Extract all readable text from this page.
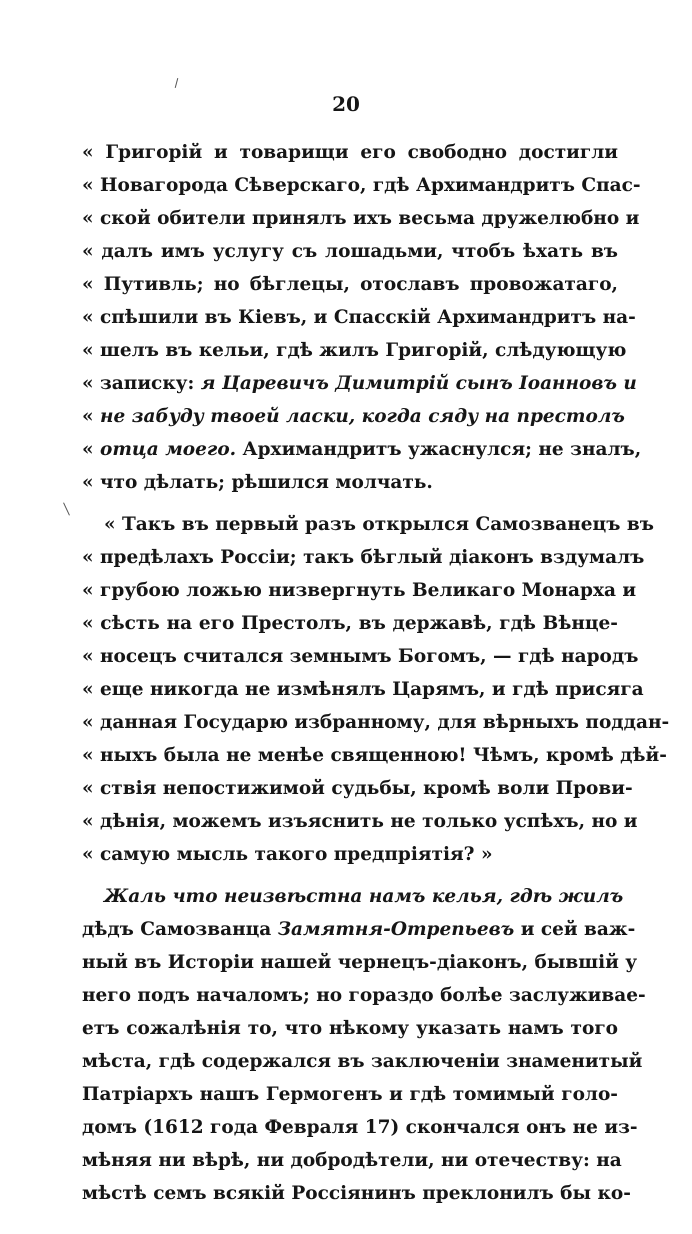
20
« Григорій и товарищи его свободно достигли
« Новагорода Сѣверскаго, гдѣ Архимандритъ Спас-
« ской обители принялъ ихъ весьма дружелюбно и
« далъ имъ услугу съ лошадьми, чтобъ ѣхать въ
« Путивль; но бѣглецы, отославъ провожатаго,
« спѣшили въ Кіевъ, и Спасскій Архимандритъ на-
« шелъ въ кельи, гдѣ жилъ Григорій, слѣдующую
« записку: я Царевичъ Димитрій сынъ Іоанновъ и
« не забуду твоей ласки, когда сяду на престолъ
« отца моего. Архимандритъ ужаснулся; не зналъ,
« что дѣлать; рѣшился молчать.
« Такъ въ первый разъ открылся Самозванецъ въ
« предѣлахъ Россіи; такъ бѣглый діаконъ вздумалъ
« грубою ложью низвергнуть Великаго Монарха и
« сѣсть на его Престолъ, въ державѣ, гдѣ Вѣнце-
« носецъ считался земнымъ Богомъ, — гдѣ народъ
« еще никогда не измѣнялъ Царямъ, и гдѣ присяга
« данная Государю избранному, для вѣрныхъ поддан-
« ныхъ была не менѣе священною! Чѣмъ, кромѣ дѣй-
« ствія непостижимой судьбы, кромѣ воли Прови-
« дѣнія, можемъ изъяснить не только успѣхъ, но и
« самую мысль такого предпріятія? »
Жаль что неизвѣстна намъ келья, гдѣ жилъ
дѣдъ Самозванца Замятня-Отрепьевъ и сей важ-
ный въ Исторіи нашей чернецъ-діаконъ, бывшій у
него подъ началомъ; но гораздо болѣе заслуживаe-
етъ сожалѣнія то, что нѣкому указать намъ того
мѣста, гдѣ содержался въ заключеніи знаменитый
Патріархъ нашъ Гермогенъ и гдѣ томимый голо-
домъ (1612 года Февраля 17) скончался онъ не из-
мѣняя ни вѣрѣ, ни добродѣтели, ни отечеству: на
мѣстѣ семъ всякій Россіянинъ преклонилъ бы ко-
